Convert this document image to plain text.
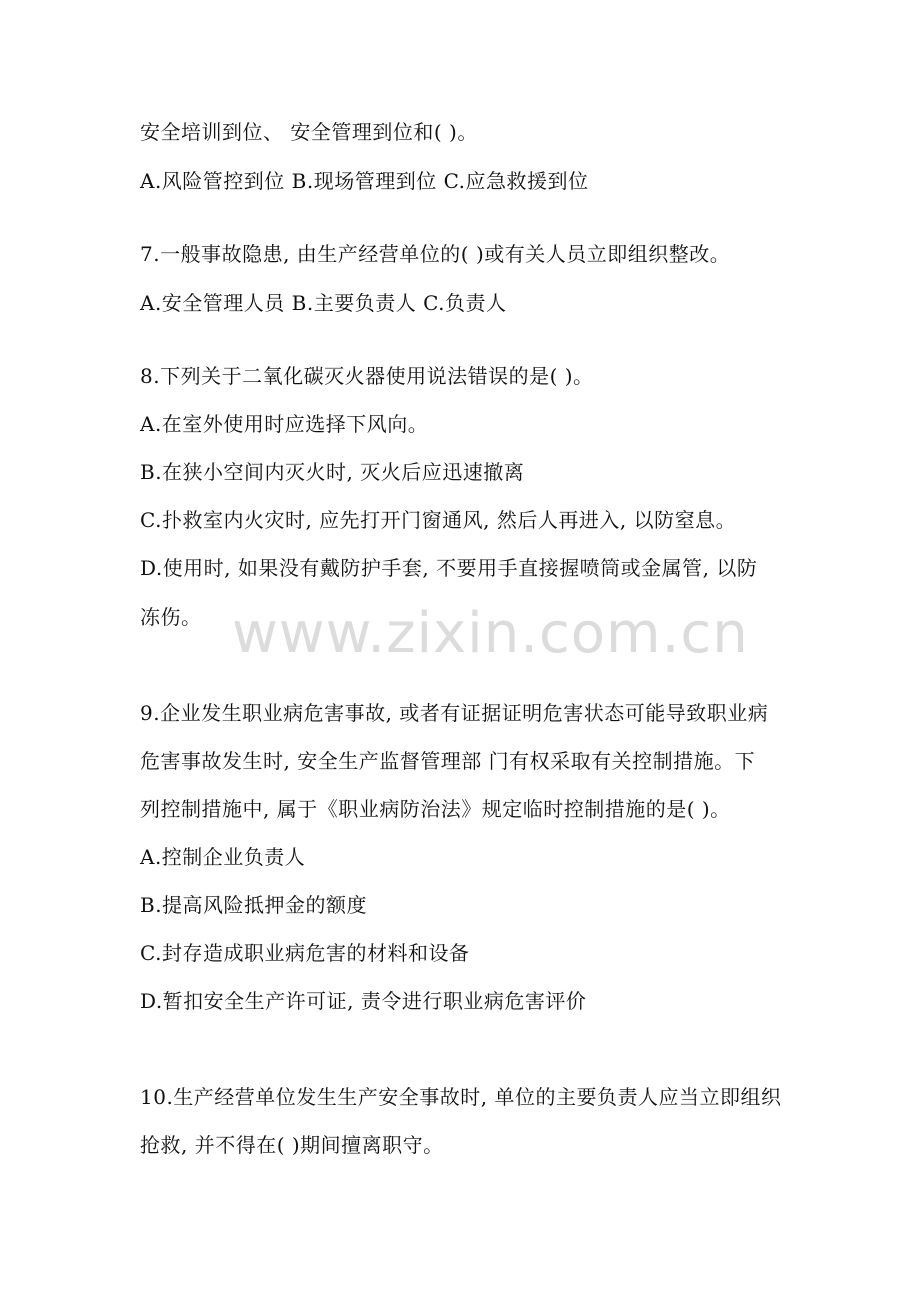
安全培训到位、 安全管理到位和( )。
A.风险管控到位 B.现场管理到位 C.应急救援到位
7.一般事故隐患, 由生产经营单位的( )或有关人员立即组织整改。
A.安全管理人员 B.主要负责人 C.负责人
8.下列关于二氧化碳灭火器使用说法错误的是( )。
A.在室外使用时应选择下风向。
B.在狭小空间内灭火时, 灭火后应迅速撤离
C.扑救室内火灾时, 应先打开门窗通风, 然后人再进入, 以防窒息。
D.使用时, 如果没有戴防护手套, 不要用手直接握喷筒或金属管, 以防
冻伤。 www.zixin.com.cn
9.企业发生职业病危害事故, 或者有证据证明危害状态可能导致职业病
危害事故发生时, 安全生产监督管理部 门有权采取有关控制措施。下
列控制措施中, 属于《职业病防治法》规定临时控制措施的是( )。
A.控制企业负责人
B.提高风险抵押金的额度
C.封存造成职业病危害的材料和设备
D.暂扣安全生产许可证, 责令进行职业病危害评价
10.生产经营单位发生生产安全事故时, 单位的主要负责人应当立即组织
抢救, 并不得在( )期间擅离职守。
